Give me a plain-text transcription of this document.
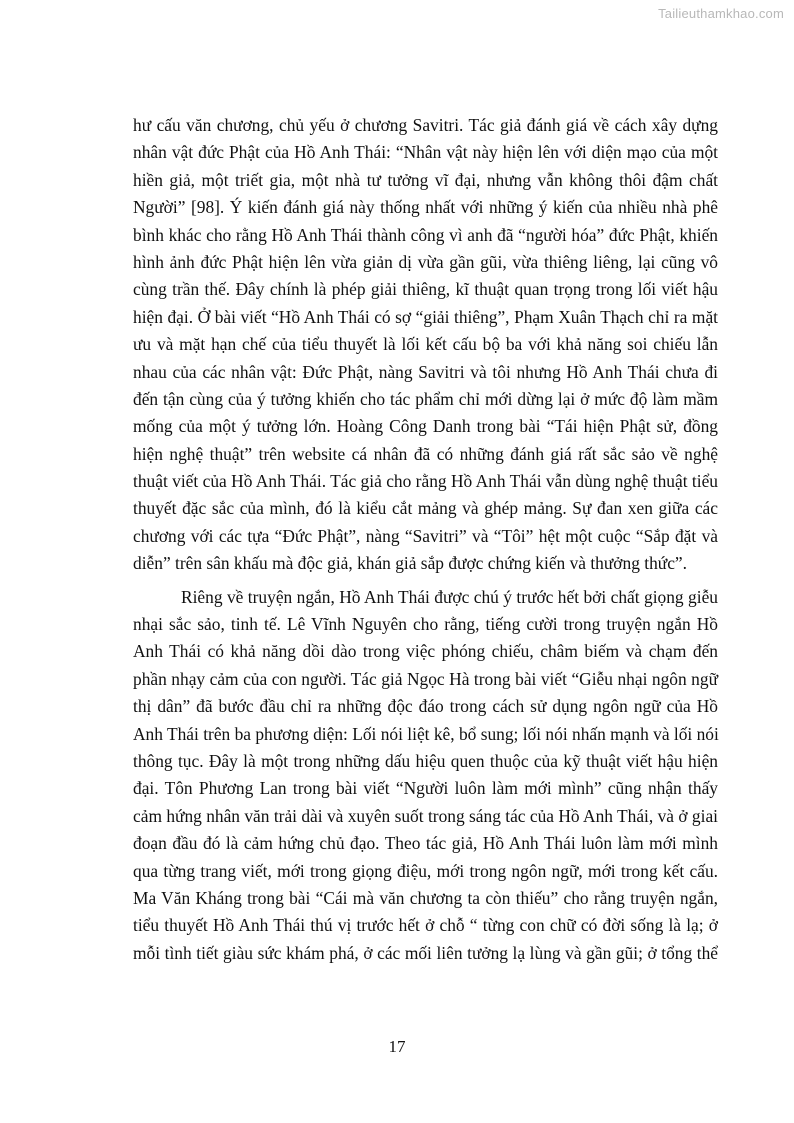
Tailieuthamkhao.com
hư cấu văn chương, chủ yếu ở chương Savitri. Tác giả đánh giá về cách xây dựng
nhân vật đức Phật của Hồ Anh Thái: “Nhân vật này hiện lên với diện mạo của một
hiền giả, một triết gia, một nhà tư tưởng vĩ đại, nhưng vẫn không thôi đậm chất
Người” [98]. Ý kiến đánh giá này thống nhất với những ý kiến của nhiều nhà phê
bình khác cho rằng Hồ Anh Thái thành công vì anh đã “người hóa” đức Phật, khiến
hình ảnh đức Phật hiện lên vừa giản dị vừa gần gũi, vừa thiêng liêng, lại cũng vô
cùng trần thế. Đây chính là phép giải thiêng, kĩ thuật quan trọng trong lối viết hậu
hiện đại. Ở bài viết “Hồ Anh Thái có sợ “giải thiêng”, Phạm Xuân Thạch chỉ ra mặt
ưu và mặt hạn chế của tiểu thuyết là lối kết cấu bộ ba với khả năng soi chiếu lẫn
nhau của các nhân vật: Đức Phật, nàng Savitri và tôi nhưng Hồ Anh Thái chưa đi
đến tận cùng của ý tưởng khiến cho tác phẩm chỉ mới dừng lại ở mức độ làm mầm
mống của một ý tưởng lớn. Hoàng Công Danh trong bài “Tái hiện Phật sử, đồng
hiện nghệ thuật” trên website cá nhân đã có những đánh giá rất sắc sảo về nghệ
thuật viết của Hồ Anh Thái. Tác giả cho rằng Hồ Anh Thái vẫn dùng nghệ thuật tiểu
thuyết đặc sắc của mình, đó là kiểu cắt mảng và ghép mảng. Sự đan xen giữa các
chương với các tựa “Đức Phật”, nàng “Savitri” và “Tôi” hệt một cuộc “Sắp đặt và
diễn” trên sân khấu mà độc giả, khán giả sắp được chứng kiến và thưởng thức”.
Riêng về truyện ngắn, Hồ Anh Thái được chú ý trước hết bởi chất giọng giễu
nhại sắc sảo, tinh tế. Lê Vĩnh Nguyên cho rằng, tiếng cười trong truyện ngắn Hồ
Anh Thái có khả năng dồi dào trong việc phóng chiếu, châm biếm và chạm đến
phần nhạy cảm của con người. Tác giả Ngọc Hà trong bài viết “Giễu nhại ngôn ngữ
thị dân” đã bước đầu chỉ ra những độc đáo trong cách sử dụng ngôn ngữ của Hồ
Anh Thái trên ba phương diện: Lối nói liệt kê, bổ sung; lối nói nhấn mạnh và lối nói
thông tục. Đây là một trong những dấu hiệu quen thuộc của kỹ thuật viết hậu hiện
đại. Tôn Phương Lan trong bài viết “Người luôn làm mới mình” cũng nhận thấy
cảm hứng nhân văn trải dài và xuyên suốt trong sáng tác của Hồ Anh Thái, và ở giai
đoạn đầu đó là cảm hứng chủ đạo. Theo tác giả, Hồ Anh Thái luôn làm mới mình
qua từng trang viết, mới trong giọng điệu, mới trong ngôn ngữ, mới trong kết cấu.
Ma Văn Kháng trong bài “Cái mà văn chương ta còn thiếu” cho rằng truyện ngắn,
tiểu thuyết Hồ Anh Thái thú vị trước hết ở chỗ “ từng con chữ có đời sống là lạ; ở
mỗi tình tiết giàu sức khám phá, ở các mối liên tưởng lạ lùng và gần gũi; ở tổng thể
17
